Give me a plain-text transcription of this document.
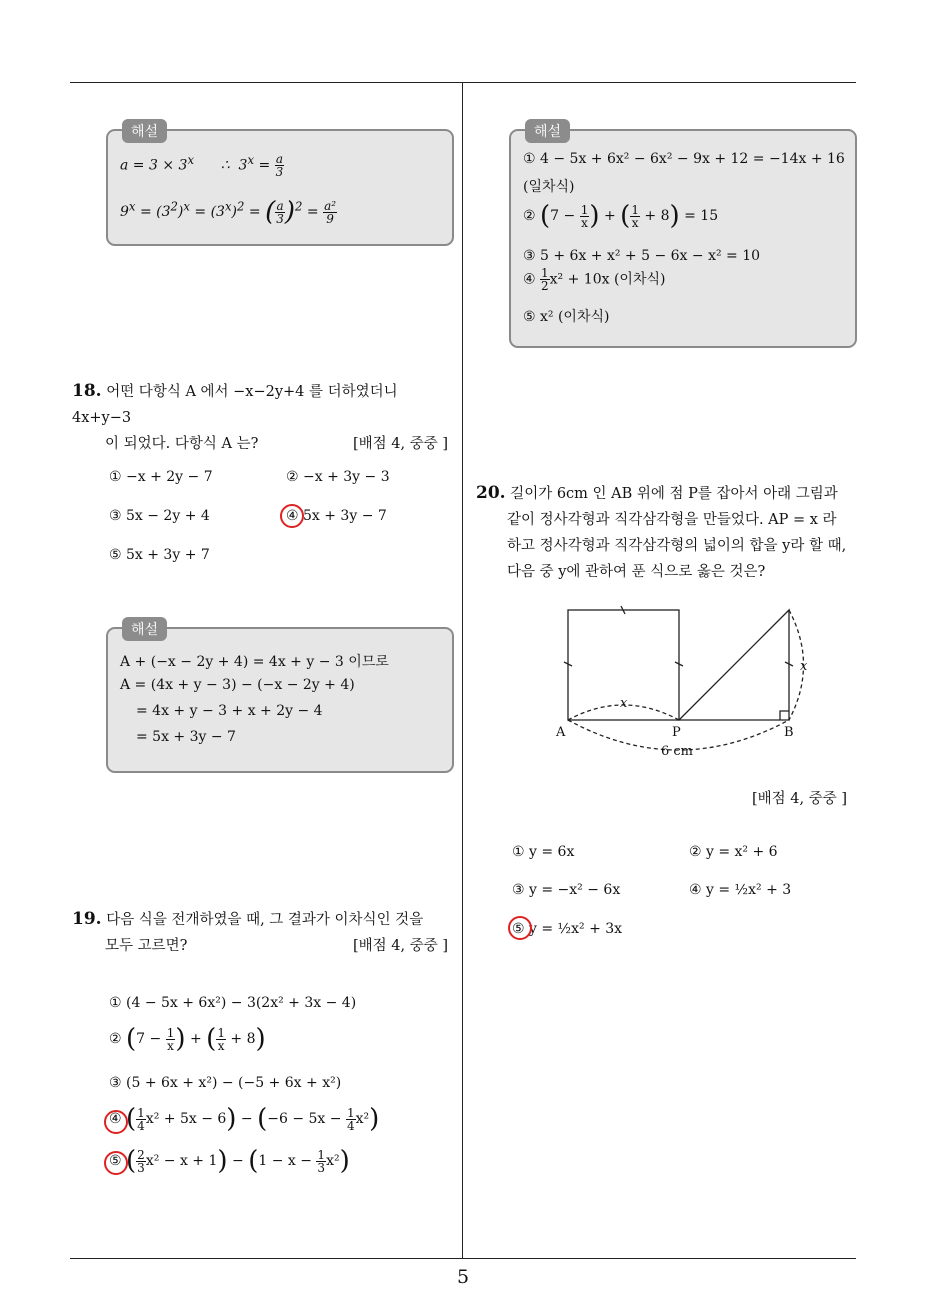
해설
$a = 3 \times 3^x$      ∴  $3^x = \frac{a}{3}$
$9^x = (3^2)^x = (3^x)^2$ = ( $\frac{a}{3} )^2 = \frac{\text{a²}}{9}$
해설
① 4 − 5x + 6x² − 6x² − 9x + 12 = −14x + 16
(일차식)
② ($7 - \frac{1}{x}$ ) + ( $\frac{1}{x} + 8) = 15$
③ 5 + 6x + x² + 5 − 6x − x² = 10
④ $\frac{1}{2} x^2 + 10x$ (이차식)
⑤ x² (이차식)
18. 어떤 다항식 A 에서 −x−2y+4 를 더하였더니 4x+y−3
이 되었다. 다항식 A 는?	[배점 4, 중중 ]
① −x + 2y − 7	② −x + 3y − 3
③ 5x − 2y + 4	④ 5x + 3y − 7
⑤ 5x + 3y + 7
해설
A + (−x − 2y + 4) = 4x + y − 3 이므로
A = (4x + y − 3) − (−x − 2y + 4)
= 4x + y − 3 + x + 2y − 4
= 5x + 3y − 7
19. 다음 식을 전개하였을 때, 그 결과가 이차식인 것을
모두 고르면?	[배점 4, 중중 ]
① (4 − 5x + 6x²) − 3(2x² + 3x − 4)
② ($7 - \frac{1}{x}$ ) + ( $\frac{1}{x} + 8$)
③ (5 + 6x + x²) − (−5 + 6x + x²)
④ ( $\frac{1}{4} x^2 + 5x - 6) - (-6 - 5x - \frac{1}{4} x^2)$
⑤ ( $\frac{2}{3} x^2 - x + 1) - (1 - x - \frac{1}{3} x^2)$
20. 길이가 6cm 인 AB 위에 점 P를 잡아서 아래 그림과
같이 정사각형과 직각삼각형을 만들었다. AP = x 라
하고 정사각형과 직각삼각형의 넓이의 합을 y라 할 때,
다음 중 y에 관하여 푼 식으로 옳은 것은?
A	P	B
x
x
6 cm
[배점 4, 중중 ]
① y = 6x	② y = x² + 6
③ y = −x² − 6x	④ y = ½x² + 3
⑤ y = ½x² + 3x
5
